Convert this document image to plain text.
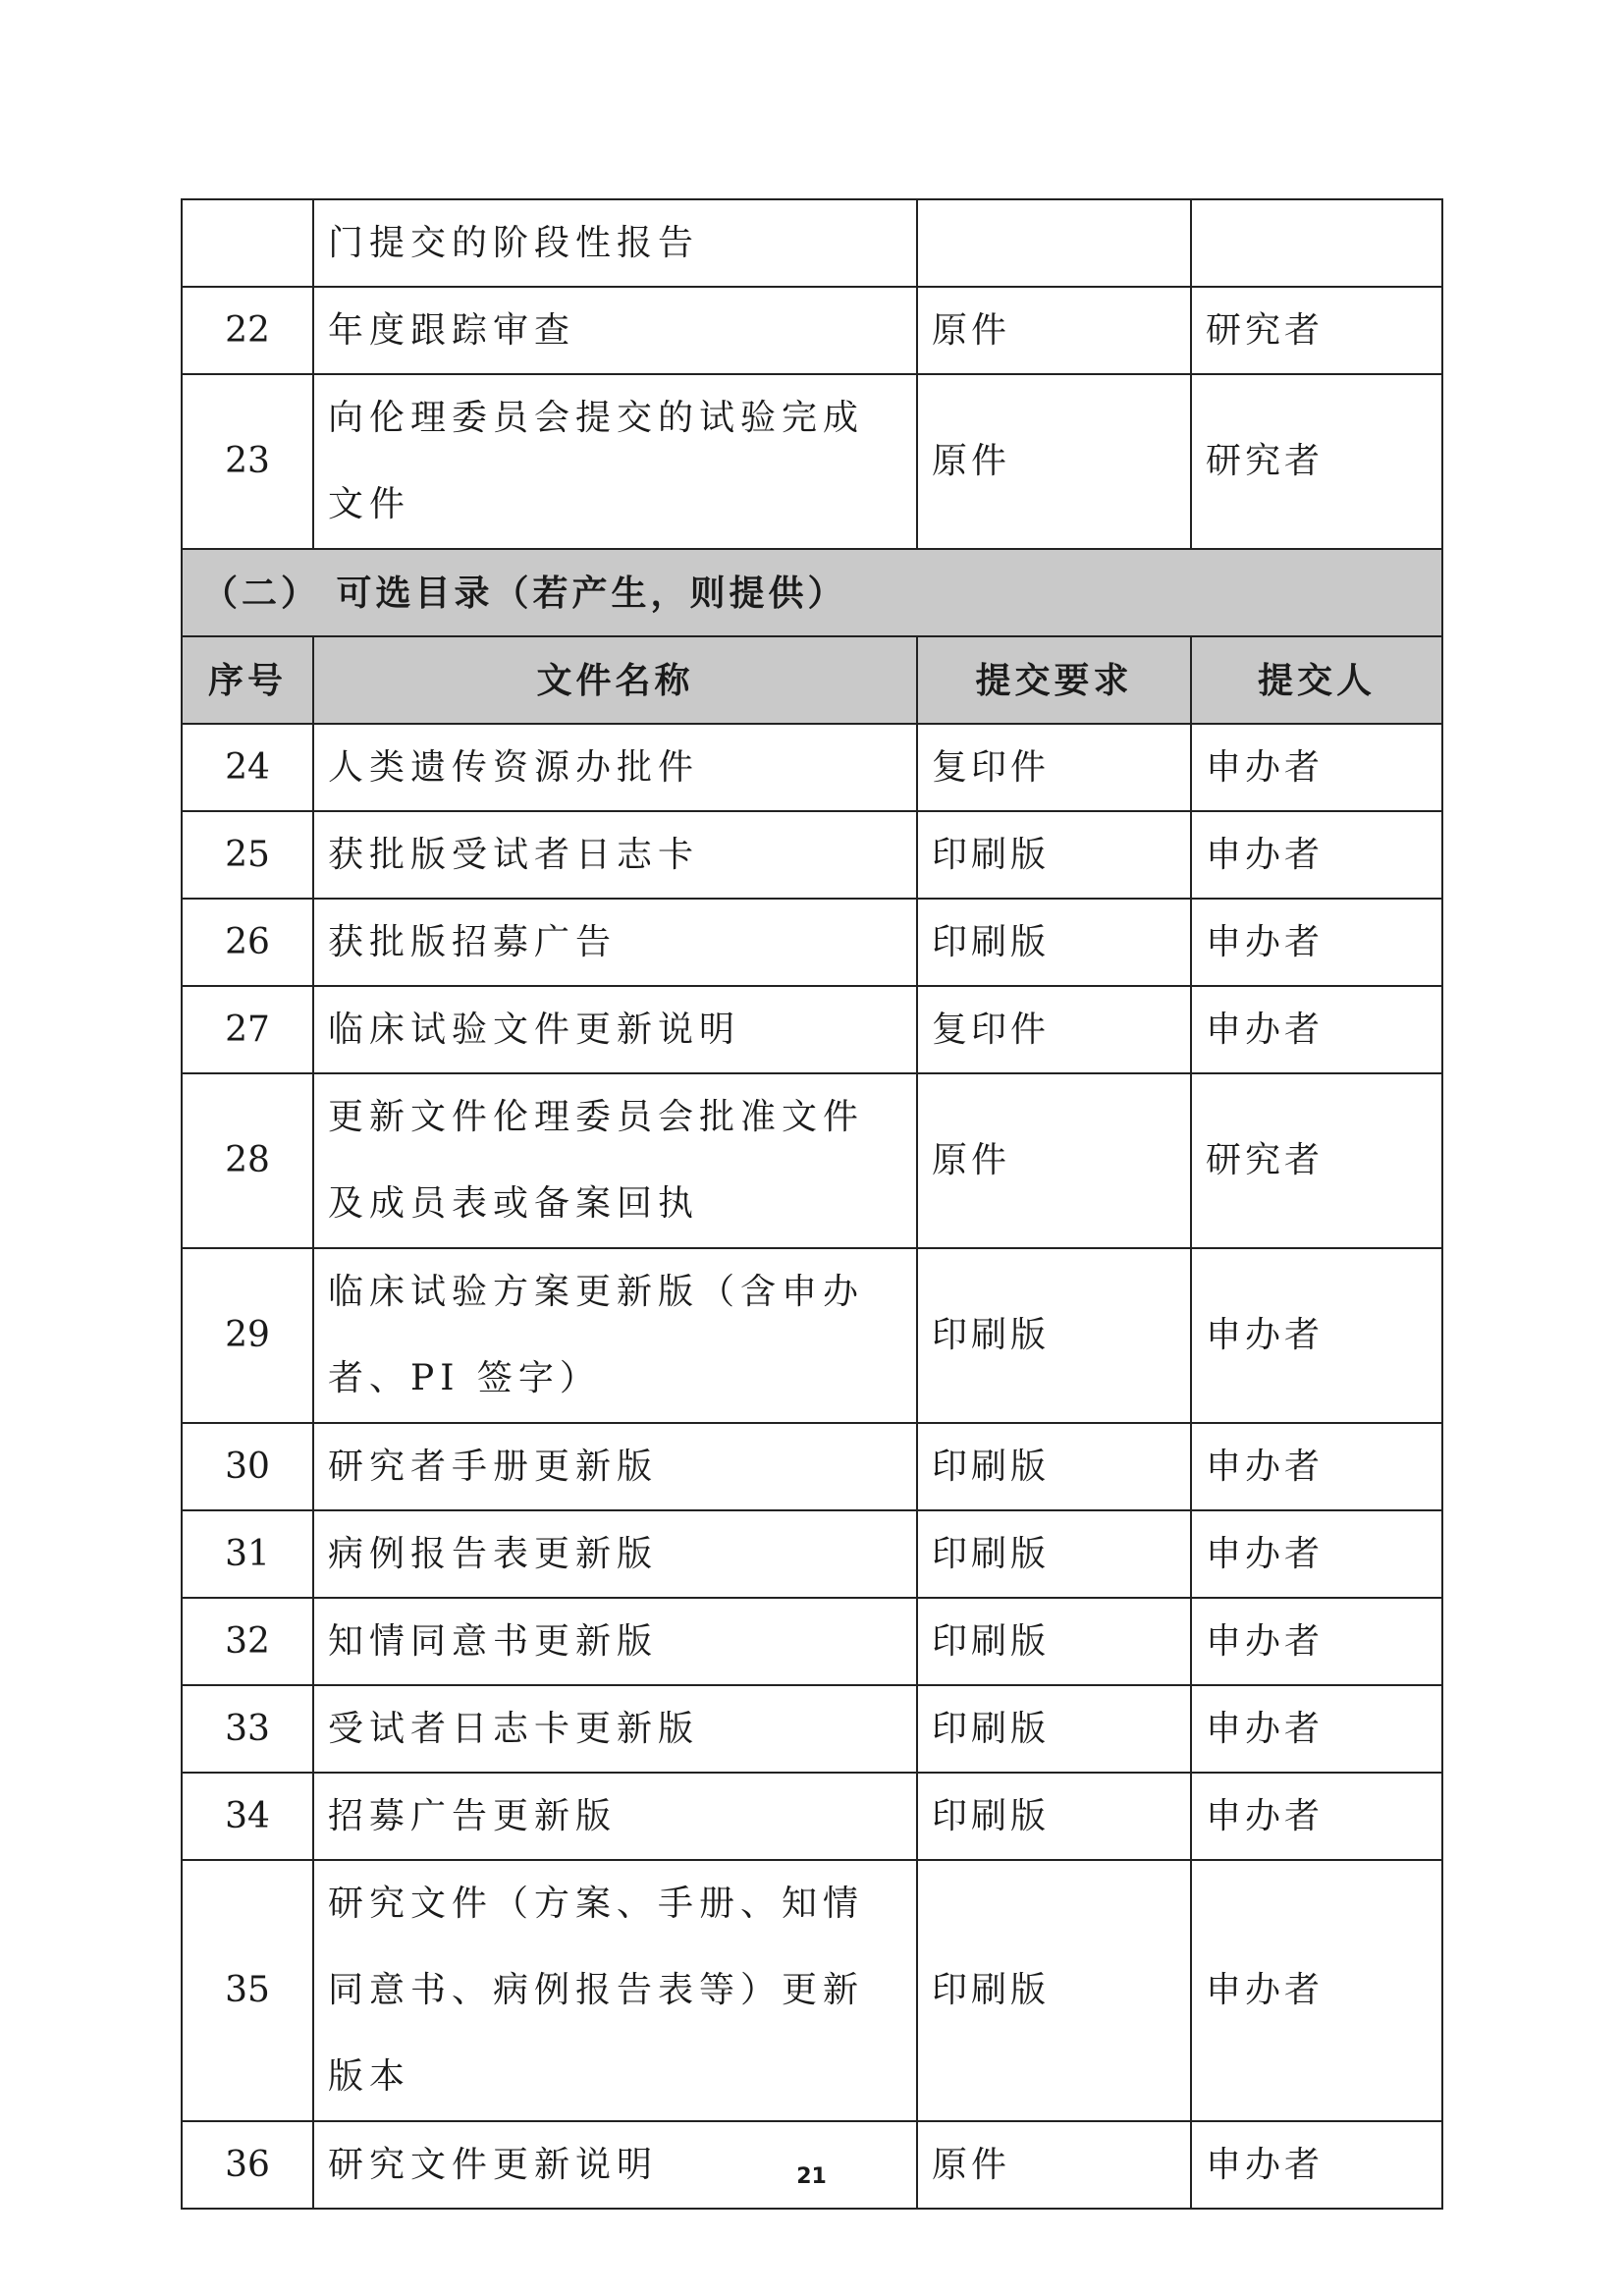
	门提交的阶段性报告		
22	年度跟踪审查	原件	研究者
23	向伦理委员会提交的试验完成文件	原件	研究者
（二） 可选目录（若产生，则提供）			
序号	文件名称	提交要求	提交人
24	人类遗传资源办批件	复印件	申办者
25	获批版受试者日志卡	印刷版	申办者
26	获批版招募广告	印刷版	申办者
27	临床试验文件更新说明	复印件	申办者
28	更新文件伦理委员会批准文件及成员表或备案回执	原件	研究者
29	临床试验方案更新版（含申办者、PI 签字）	印刷版	申办者
30	研究者手册更新版	印刷版	申办者
31	病例报告表更新版	印刷版	申办者
32	知情同意书更新版	印刷版	申办者
33	受试者日志卡更新版	印刷版	申办者
34	招募广告更新版	印刷版	申办者
35	研究文件（方案、手册、知情同意书、病例报告表等）更新版本	印刷版	申办者
36	研究文件更新说明	原件	申办者
21
